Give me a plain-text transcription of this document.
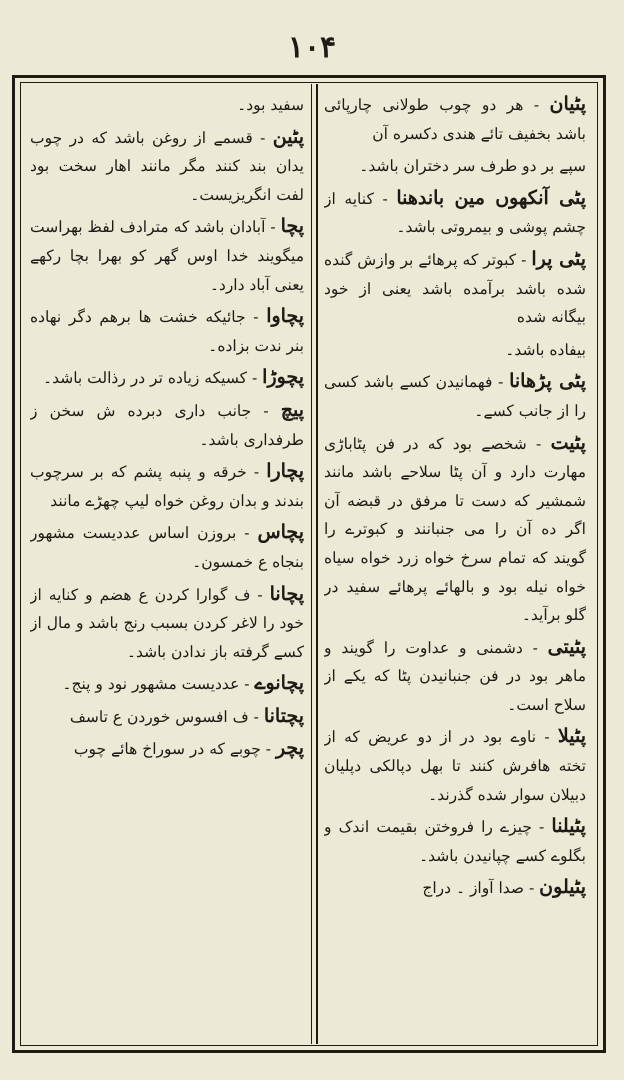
۱۰۴

پٹیان - هر دو چوب طولانی چارپائی باشد بخفیف تائے هندی دکسره آن

سپے بر دو طرف سر دختران باشد۔

پٹی آنکھوں مین باندھنا - کنایه از چشم پوشی و بیمروتی باشد۔

پٹی پرا - کبوتر که پرهائے بر وازش گنده شده باشد برآمده باشد یعنی از خود بیگانه شده

بیفاده باشد۔

پٹی پڑھانا - فهمانیدن کسے باشد کسی را از جانب کسے۔

پٹیت - شخصے بود که در فن پٹاباڑی مهارت دارد و آن پٹا سلاحے باشد مانند شمشیر که دست تا مرفق در قبضه آن اگر ده آن را می جنبانند و کبوترے را گویند که تمام سرخ خواه زرد خواه سیاه خواه نیله بود و بالهائے پرهائے سفید در گلو برآید۔

پٹیتی - دشمنی و عداوت را گویند و ماهر بود در فن جنبانیدن پٹا که یکے از سلاح است۔

پٹیلا - ناوے بود در از دو عریض که از تخته هافرش کنند تا بهل دپالکی دپلیان دبیلان سوار شده گذرند۔

پٹیلنا - چیزے را فروختن بقیمت اندک و بگلوے کسے چپانیدن باشد۔

پٹیلون - صدا آواز ۔ دراج

سفید بود۔

پٹین - قسمے از روغن باشد که در چوب یدان بند کنند مگر مانند اهار سخت بود لفت انگریزیست۔

پچا - آبادان باشد که مترادف لفظ بهراست میگویند خدا اوس گهر کو بهرا بچا رکھے یعنی آباد دارد۔

پچاوا - جائیکه خشت ها برهم دگر نهاده بنر ندت بزاده۔

پچوڑا - کسیکه زیاده تر در رذالت باشد۔

پیچ - جانب داری دبرده ش سخن ز طرفداری باشد۔

پچارا - خرقه و پنبه پشم که بر سرچوب بندند و بدان روغن خواه لیپ چھڑے مانند

پچاس - بروزن اساس عددیست مشهور بنجاه ع خمسون۔

پچانا - ف گوارا کردن ع هضم و کنایه از خود را لاغر کردن بسبب رنج باشد و مال از کسے گرفته باز ندادن باشد۔

پچانوے - عددیست مشهور نود و پنج۔

پچتانا - ف افسوس خوردن ع تاسف

پچر - چوبے که در سوراخ هائے چوب
